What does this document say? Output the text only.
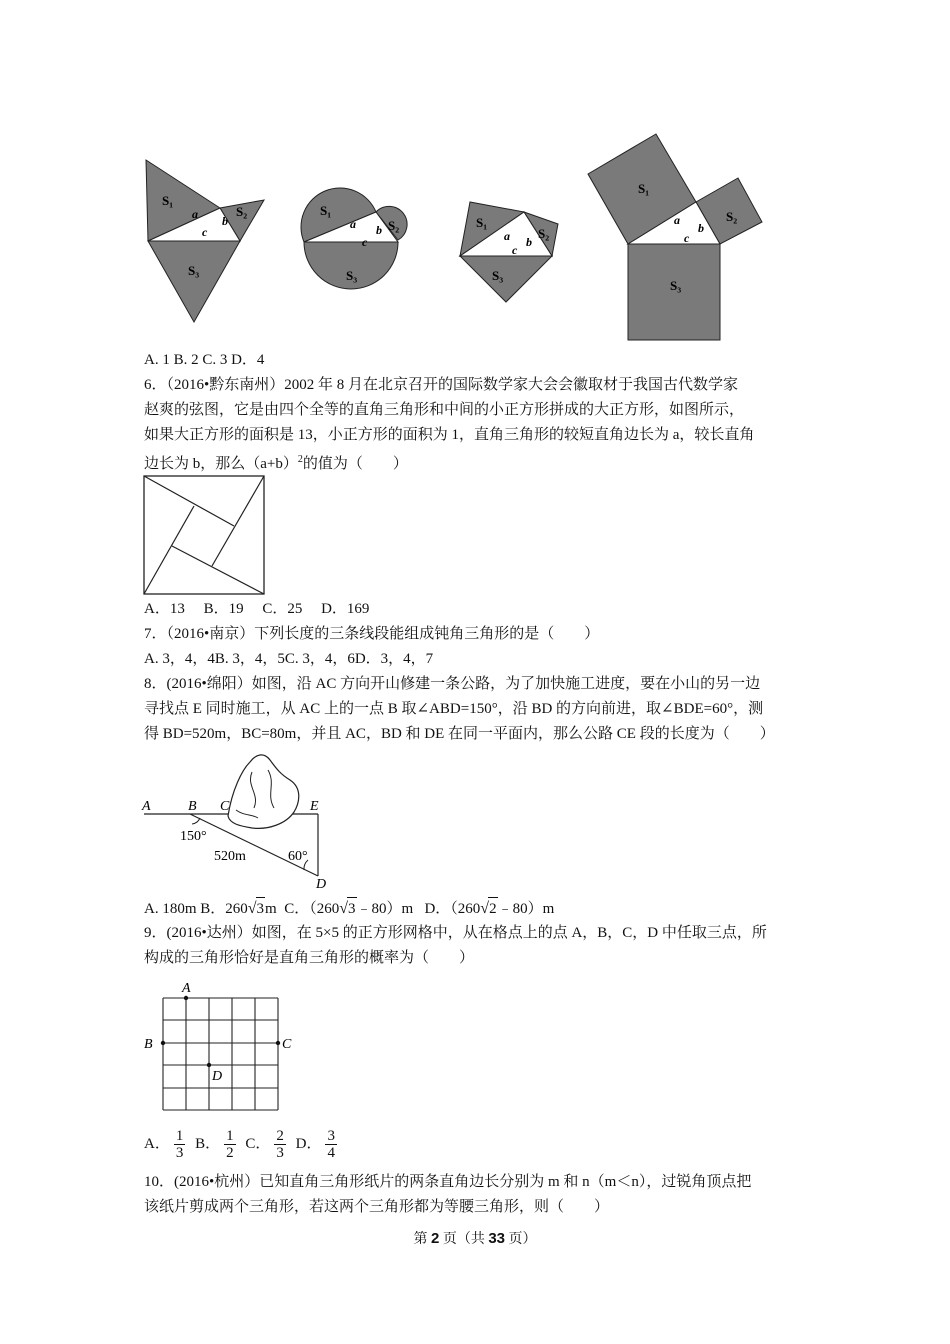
S₁
S₂
S₃
a b
c
S₁
S₂
S₃
a b
c
S₁
S₂
S₃
a b
c
S₁
S₂
S₃
a
b
c
A. 1 B. 2 C. 3 D．4
6．（2016•黔东南州）2002 年 8 月在北京召开的国际数学家大会会徽取材于我国古代数学家
赵爽的弦图，它是由四个全等的直角三角形和中间的小正方形拼成的大正方形，如图所示，
如果大正方形的面积是 13，小正方形的面积为 1，直角三角形的较短直角边长为 a，较长直角
边长为 b，那么$(a+b)^2$的值为（　　）
A．13　 B．19　 C．25　 D．169
7．（2016•南京）下列长度的三条线段能组成钝角三角形的是（　　）
A. 3，4，4B. 3，4，5C. 3，4，6D．3，4，7
8．(2016•绵阳）如图，沿 AC 方向开山修建一条公路，为了加快施工进度，要在小山的另一边
寻找点 E 同时施工，从 AC 上的一点 B 取∠ABD=150°，沿 BD 的方向前进，取∠BDE=60°，测
得 BD=520m，BC=80m，并且 AC，BD 和 DE 在同一平面内，那么公路 CE 段的长度为（　　）
A	B C	E
D
150°
520m	60°
A. 180m B．260√3m C．（260√3﹣80）m D．（260√2﹣80）m
9．(2016•达州）如图，在 5×5 的正方形网格中，从在格点上的点 A，B，C，D 中任取三点，所
构成的三角形恰好是直角三角形的概率为（　　）
A
B	C
D
A． $\frac{1}{3}$ B． $\frac{1}{2}$ C． $\frac{2}{3}$ D． $\frac{3}{4}$
10．(2016•杭州）已知直角三角形纸片的两条直角边长分别为 m 和 n（m＜n），过锐角顶点把
该纸片剪成两个三角形，若这两个三角形都为等腰三角形，则（　　）
第 2 页（共 33 页）
